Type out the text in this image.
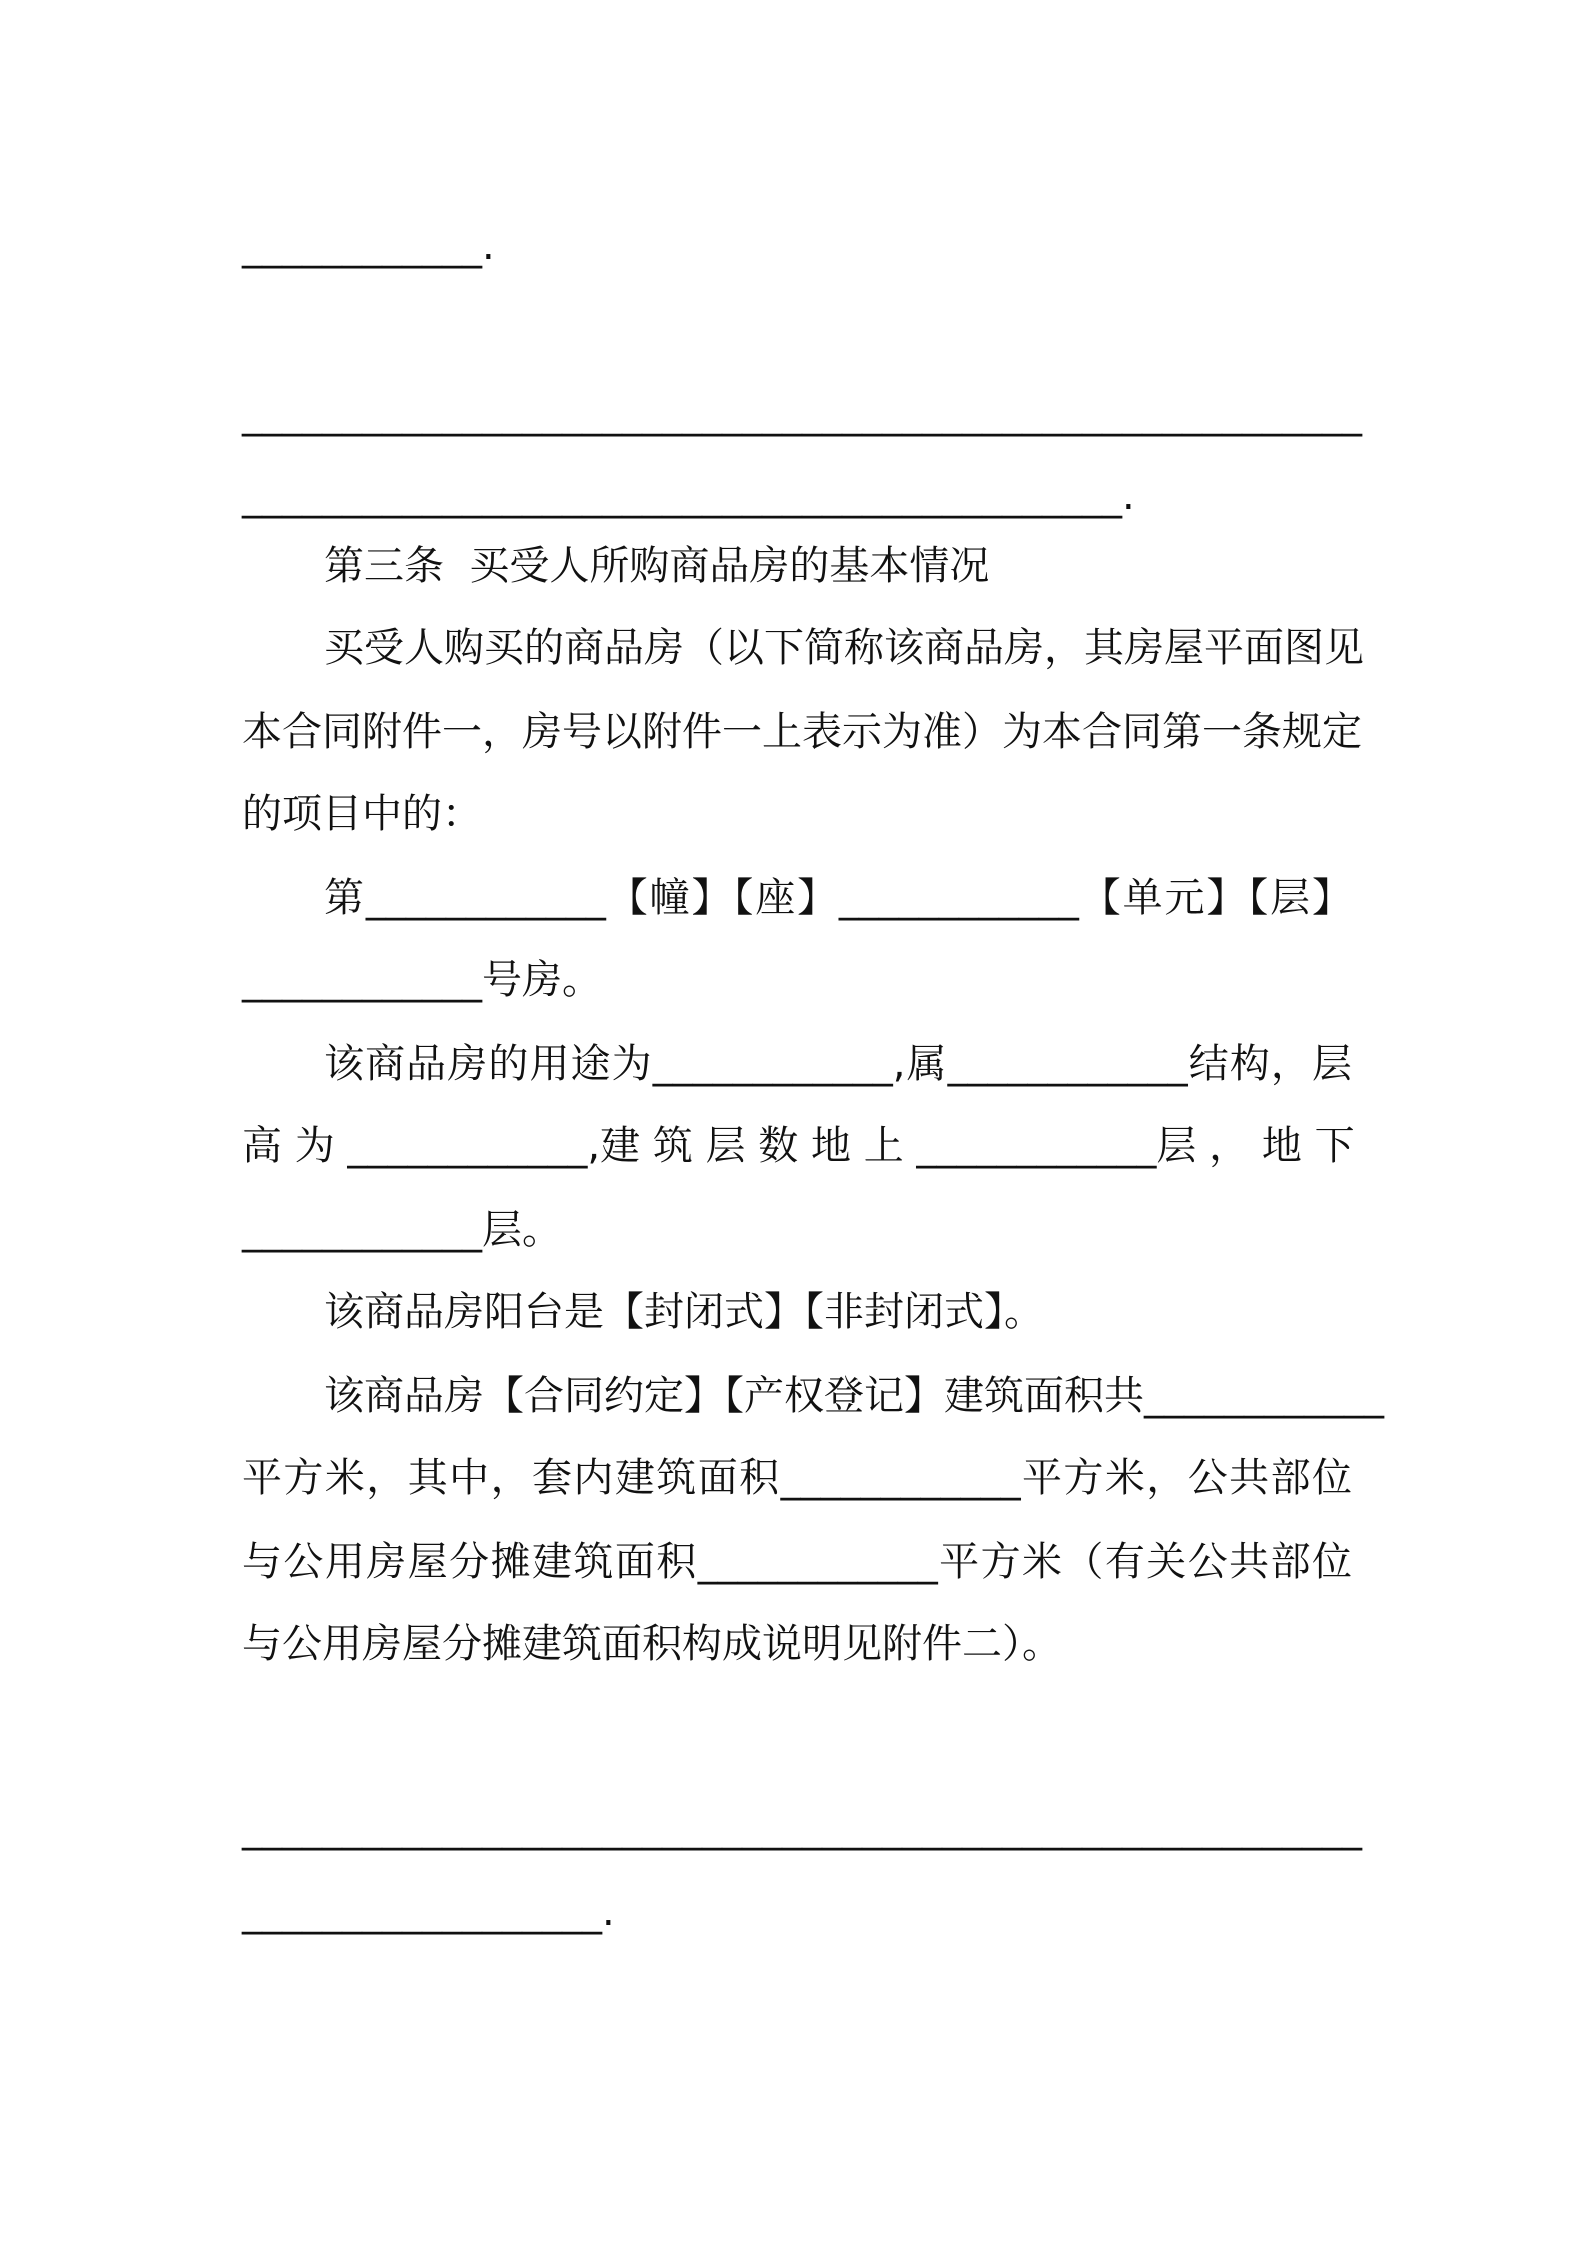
____________.
________________________________________________________
____________________________________________.
第三条  买受人所购商品房的基本情况
买受人购买的商品房（以下简称该商品房，其房屋平面图见
本合同附件一，房号以附件一上表示为准）为本合同第一条规定
的项目中的：
第____________【幢】【座】____________【单元】【层】
____________号房。
该商品房的用途为____________,属____________结构，层
高 为 ____________,建 筑 层 数 地 上 ____________层 ， 地 下
____________层。
该商品房阳台是【封闭式】【非封闭式】。
该商品房【合同约定】【产权登记】建筑面积共____________
平方米，其中，套内建筑面积____________平方米，公共部位
与公用房屋分摊建筑面积____________平方米（有关公共部位
与公用房屋分摊建筑面积构成说明见附件二）。
________________________________________________________
__________________.
